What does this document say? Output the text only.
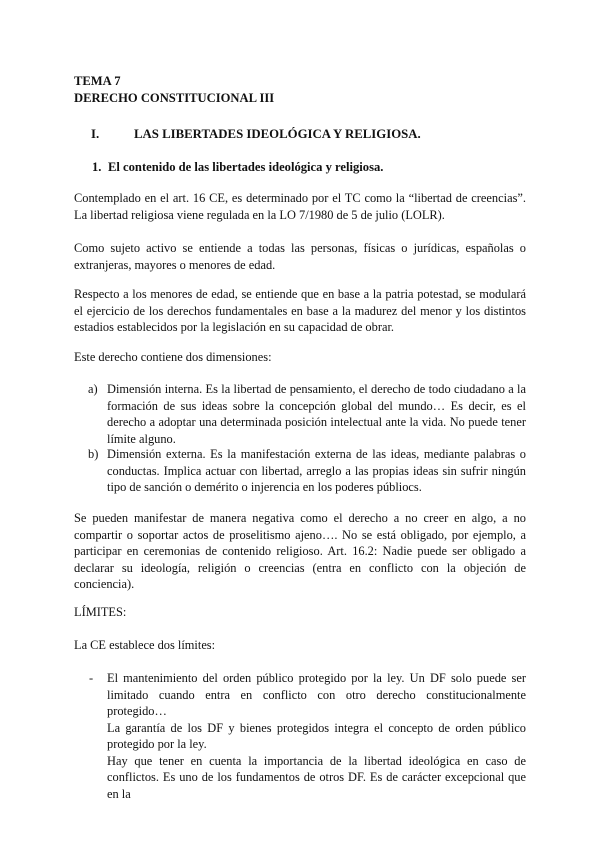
TEMA 7
DERECHO CONSTITUCIONAL III
I.	LAS LIBERTADES IDEOLÓGICA Y RELIGIOSA.
1. El contenido de las libertades ideológica y religiosa.
Contemplado en el art. 16 CE, es determinado por el TC como la “libertad de creencias”. La libertad religiosa viene regulada en la LO 7/1980 de 5 de julio (LOLR).
Como sujeto activo se entiende a todas las personas, físicas o jurídicas, españolas o extranjeras, mayores o menores de edad.
Respecto a los menores de edad, se entiende que en base a la patria potestad, se modulará el ejercicio de los derechos fundamentales en base a la madurez del menor y los distintos estadios establecidos por la legislación en su capacidad de obrar.
Este derecho contiene dos dimensiones:
a) Dimensión interna. Es la libertad de pensamiento, el derecho de todo ciudadano a la formación de sus ideas sobre la concepción global del mundo… Es decir, es el derecho a adoptar una determinada posición intelectual ante la vida. No puede tener límite alguno.
b) Dimensión externa. Es la manifestación externa de las ideas, mediante palabras o conductas. Implica actuar con libertad, arreglo a las propias ideas sin sufrir ningún tipo de sanción o demérito o injerencia en los poderes públiocs.
Se pueden manifestar de manera negativa como el derecho a no creer en algo, a no compartir o soportar actos de proselitismo ajeno…. No se está obligado, por ejemplo, a participar en ceremonias de contenido religioso. Art. 16.2: Nadie puede ser obligado a declarar su ideología, religión o creencias (entra en conflicto con la objeción de conciencia).
LÍMITES:
La CE establece dos límites:
- El mantenimiento del orden público protegido por la ley. Un DF solo puede ser limitado cuando entra en conflicto con otro derecho constitucionalmente protegido…

La garantía de los DF y bienes protegidos integra el concepto de orden público protegido por la ley.

Hay que tener en cuenta la importancia de la libertad ideológica en caso de conflictos. Es uno de los fundamentos de otros DF. Es de carácter excepcional que en la
